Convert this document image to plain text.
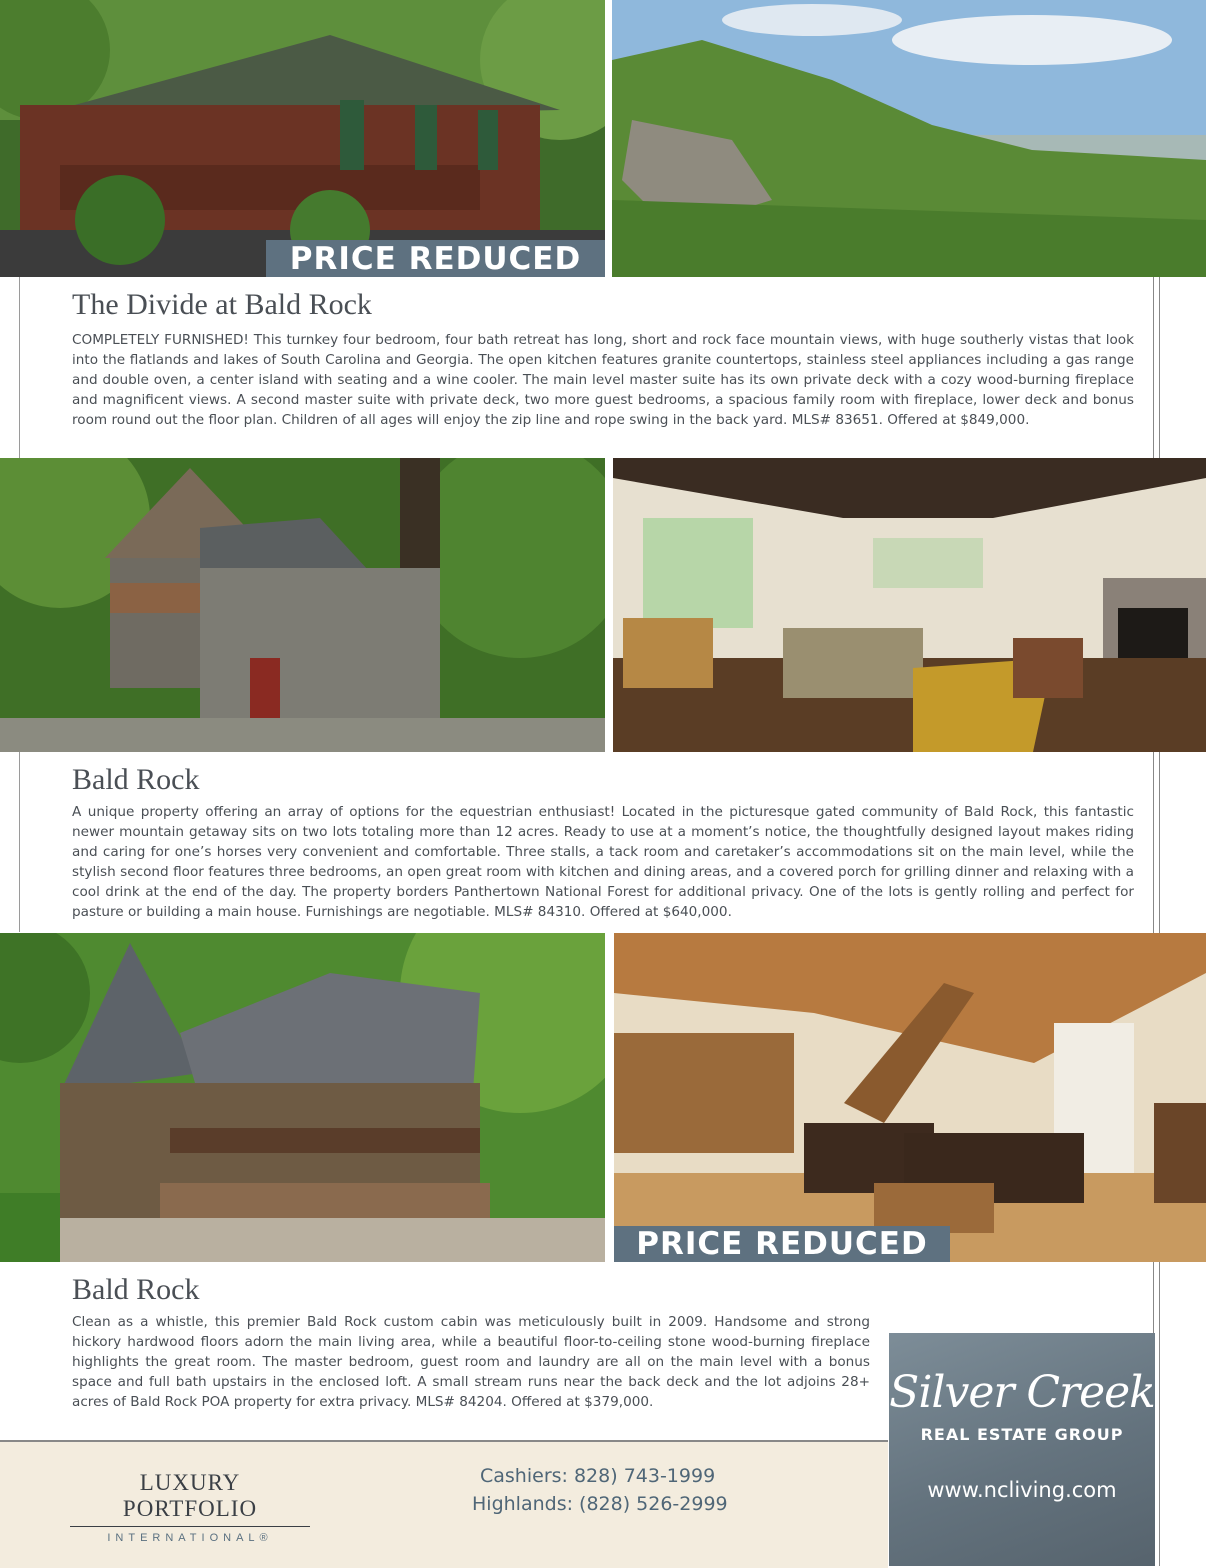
PRICE REDUCED
The Divide at Bald Rock

COMPLETELY FURNISHED! This turnkey four bedroom, four bath retreat has long, short and rock face mountain views, with huge southerly vistas that look into the flatlands and lakes of South Carolina and Georgia. The open kitchen features granite countertops, stainless steel appliances including a gas range and double oven, a center island with seating and a wine cooler. The main level master suite has its own private deck with a cozy wood-burning fireplace and magnificent views. A second master suite with private deck, two more guest bedrooms, a spacious family room with fireplace, lower deck and bonus room round out the floor plan. Children of all ages will enjoy the zip line and rope swing in the back yard. MLS# 83651. Offered at $849,000.

Bald Rock

A unique property offering an array of options for the equestrian enthusiast! Located in the picturesque gated community of Bald Rock, this fantastic newer mountain getaway sits on two lots totaling more than 12 acres. Ready to use at a moment’s notice, the thoughtfully designed layout makes riding and caring for one’s horses very convenient and comfortable. Three stalls, a tack room and caretaker’s accommodations sit on the main level, while the stylish second floor features three bedrooms, an open great room with kitchen and dining areas, and a covered porch for grilling dinner and relaxing with a cool drink at the end of the day. The property borders Panthertown National Forest for additional privacy. One of the lots is gently rolling and perfect for pasture or building a main house. Furnishings are negotiable. MLS# 84310. Offered at $640,000.

PRICE REDUCED
Bald Rock

Clean as a whistle, this premier Bald Rock custom cabin was meticulously built in 2009. Handsome and strong hickory hardwood floors adorn the main living area, while a beautiful floor-to-ceiling stone wood-burning fireplace highlights the great room. The master bedroom, guest room and laundry are all on the main level with a bonus space and full bath upstairs in the enclosed loft. A small stream runs near the back deck and the lot adjoins 28+ acres of Bald Rock POA property for extra privacy. MLS# 84204. Offered at $379,000.

LUXURY PORTFOLIO
INTERNATIONAL®
Cashiers: 828) 743-1999
Highlands: (828) 526-2999
Silver Creek
REAL ESTATE GROUP
www.ncliving.com
